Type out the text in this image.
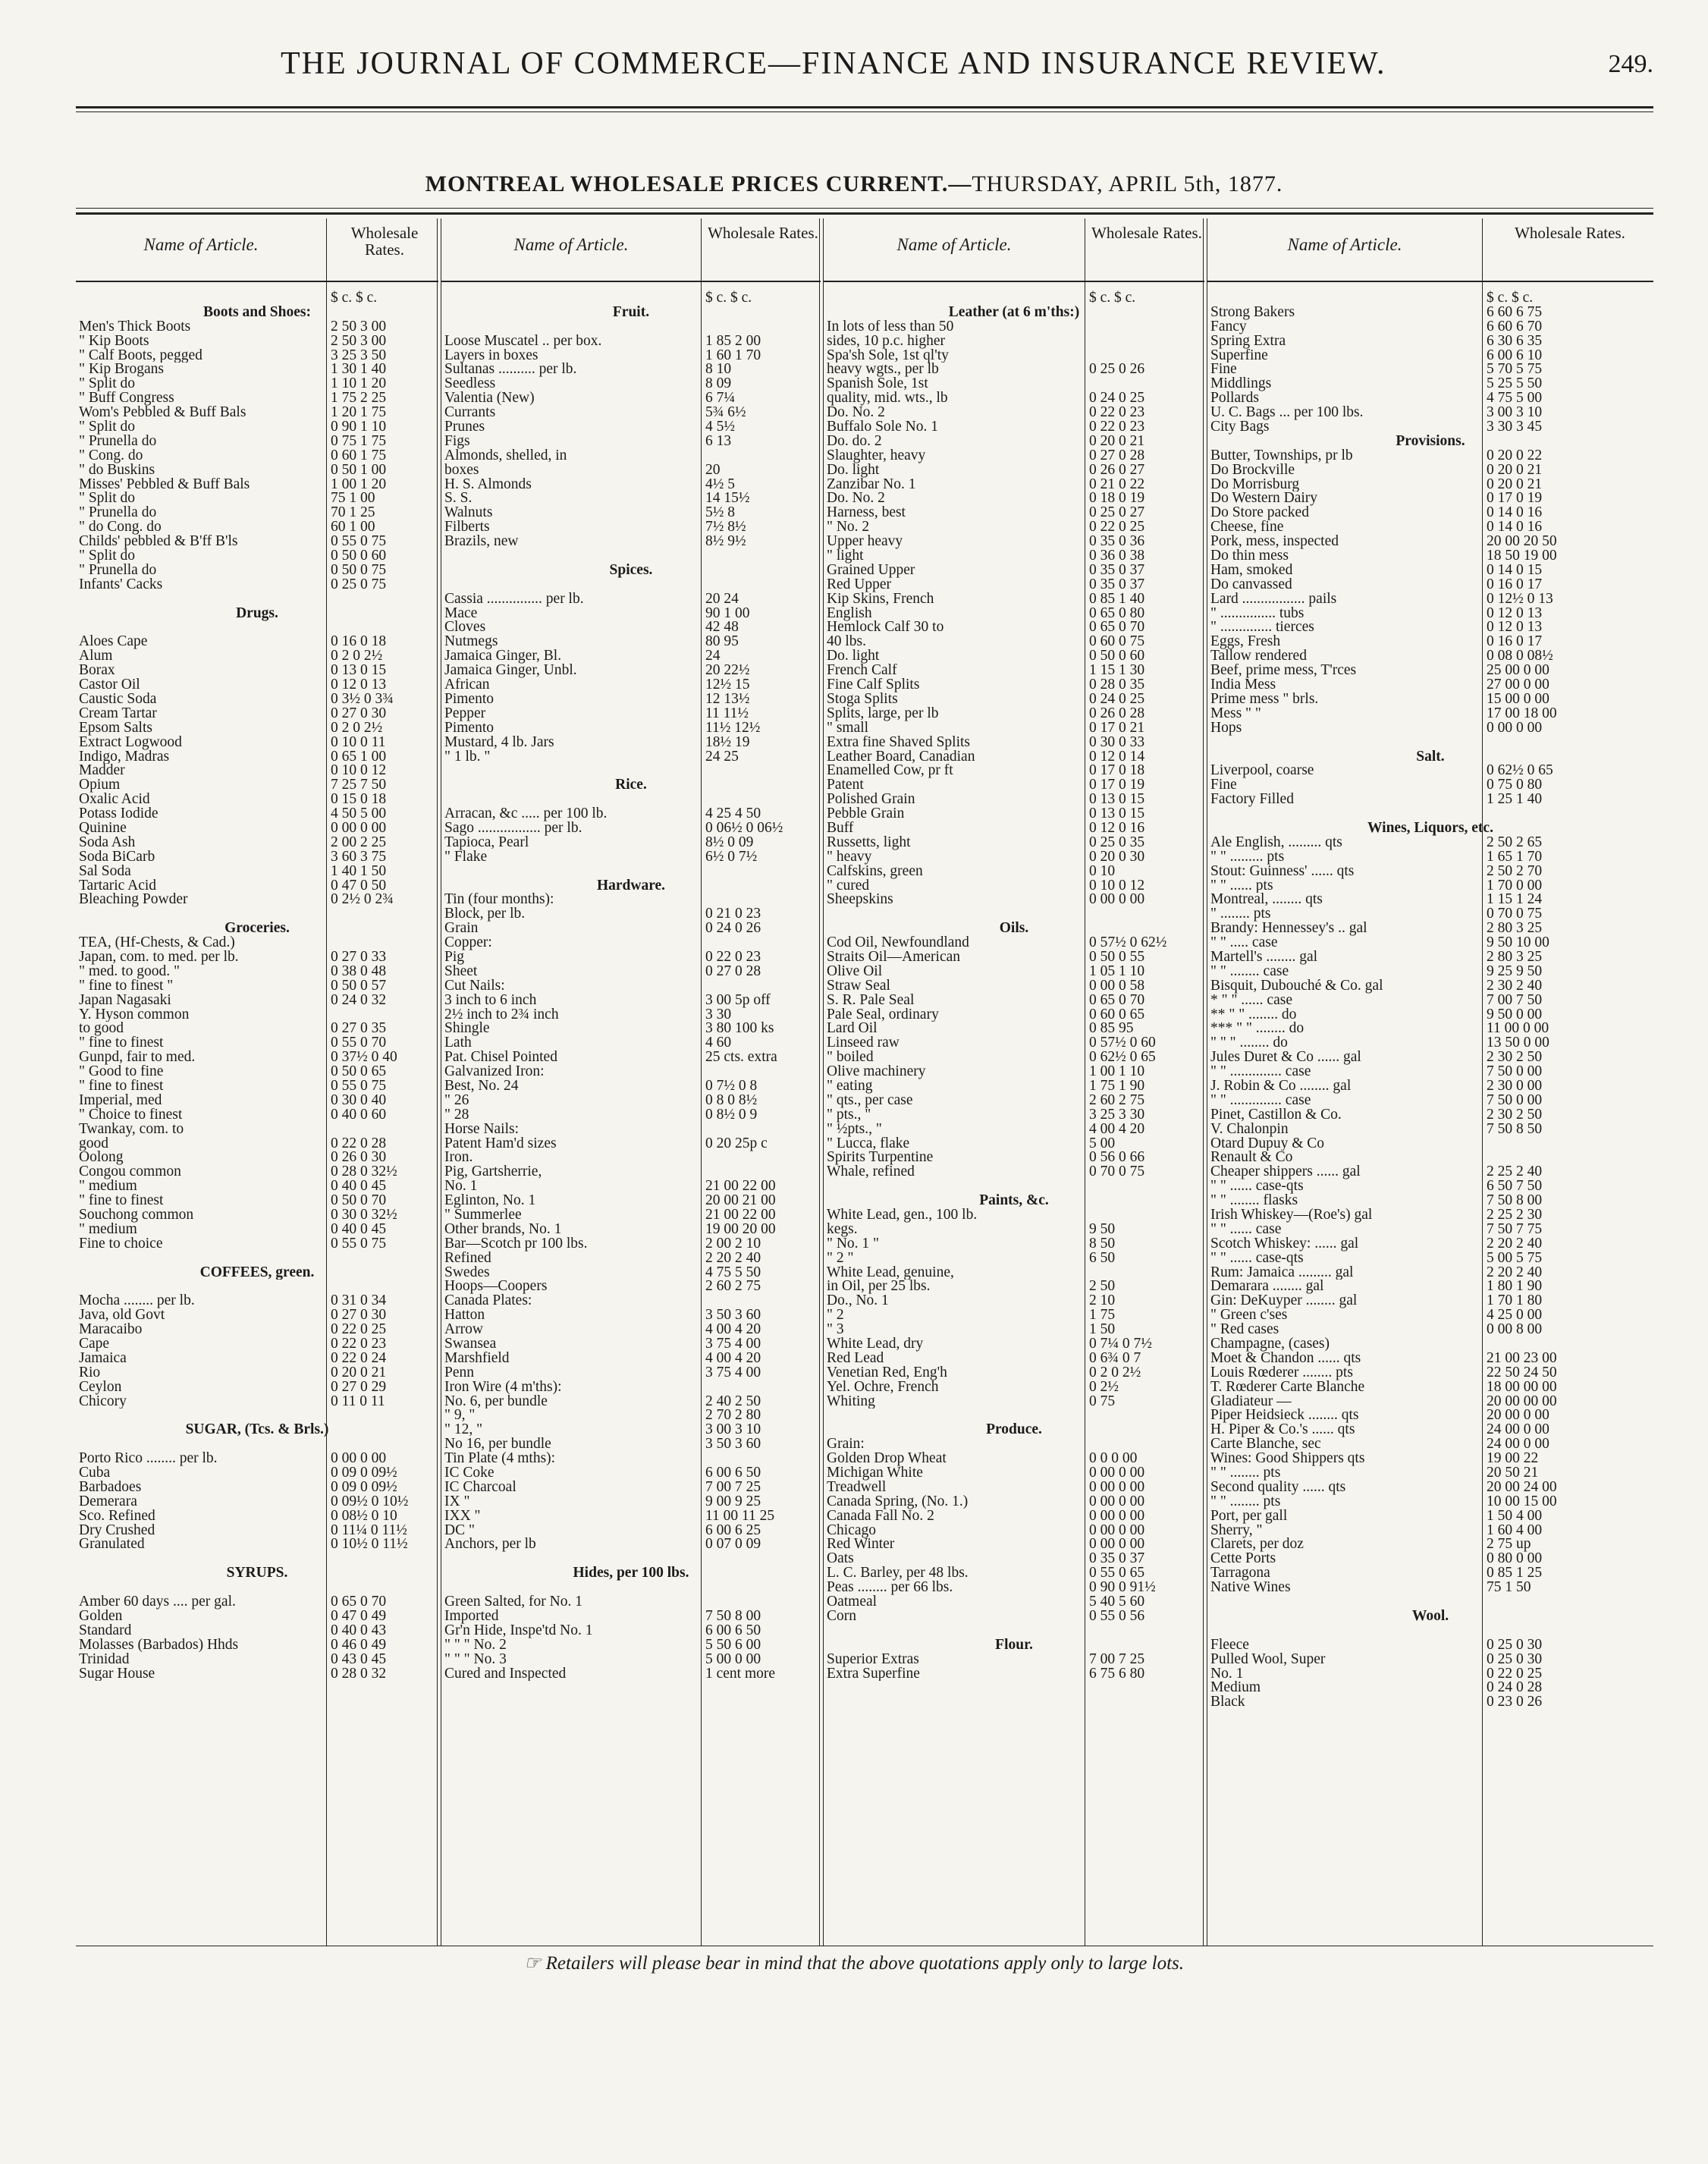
THE JOURNAL OF COMMERCE—FINANCE AND INSURANCE REVIEW.	249.
MONTREAL WHOLESALE PRICES CURRENT.—THURSDAY, APRIL 5th, 1877.
Name of Article.
Wholesale Rates.
$ c. $ c.
Boots and Shoes:
Men's Thick Boots	2 50 3 00
" Kip Boots	2 50 3 00
" Calf Boots, pegged	3 25 3 50
" Kip Brogans	1 30 1 40
" Split do	1 10 1 20
" Buff Congress	1 75 2 25
Wom's Pebbled & Buff Bals	1 20 1 75
" Split do	0 90 1 10
" Prunella do	0 75 1 75
" Cong. do	0 60 1 75
" do Buskins	0 50 1 00
Misses' Pebbled & Buff Bals	1 00 1 20
" Split do	75 1 00
" Prunella do	70 1 25
" do Cong. do	60 1 00
Childs' pebbled & B'ff B'ls	0 55 0 75
" Split do	0 50 0 60
" Prunella do	0 50 0 75
Infants' Cacks	0 25 0 75
Drugs.
Aloes Cape	0 16 0 18
Alum	0 2 0 2½
Borax	0 13 0 15
Castor Oil	0 12 0 13
Caustic Soda	0 3½ 0 3¾
Cream Tartar	0 27 0 30
Epsom Salts	0 2 0 2½
Extract Logwood	0 10 0 11
Indigo, Madras	0 65 1 00
Madder	0 10 0 12
Opium	7 25 7 50
Oxalic Acid	0 15 0 18
Potass Iodide	4 50 5 00
Quinine	0 00 0 00
Soda Ash	2 00 2 25
Soda BiCarb	3 60 3 75
Sal Soda	1 40 1 50
Tartaric Acid	0 47 0 50
Bleaching Powder	0 2½ 0 2¾
Groceries.
TEA, (Hf-Chests, & Cad.)
Japan, com. to med. per lb.	0 27 0 33
" med. to good. "	0 38 0 48
" fine to finest "	0 50 0 57
Japan Nagasaki	0 24 0 32
Y. Hyson common
to good	0 27 0 35
" fine to finest	0 55 0 70
Gunpd, fair to med.	0 37½ 0 40
" Good to fine	0 50 0 65
" fine to finest	0 55 0 75
Imperial, med	0 30 0 40
" Choice to finest	0 40 0 60
Twankay, com. to
good	0 22 0 28
Oolong	0 26 0 30
Congou common	0 28 0 32½
" medium	0 40 0 45
" fine to finest	0 50 0 70
Souchong common	0 30 0 32½
" medium	0 40 0 45
Fine to choice	0 55 0 75
COFFEES, green.
Mocha ........ per lb.	0 31 0 34
Java, old Govt	0 27 0 30
Maracaibo	0 22 0 25
Cape	0 22 0 23
Jamaica	0 22 0 24
Rio	0 20 0 21
Ceylon	0 27 0 29
Chicory	0 11 0 11
SUGAR, (Tcs. & Brls.)
Porto Rico ........ per lb.	0 00 0 00
Cuba	0 09 0 09½
Barbadoes	0 09 0 09½
Demerara	0 09½ 0 10½
Sco. Refined	0 08½ 0 10
Dry Crushed	0 11¼ 0 11½
Granulated	0 10½ 0 11½
SYRUPS.
Amber 60 days .... per gal.	0 65 0 70
Golden	0 47 0 49
Standard	0 40 0 43
Molasses (Barbados) Hhds	0 46 0 49
Trinidad	0 43 0 45
Sugar House	0 28 0 32
Name of Article.
Wholesale Rates.
$ c. $ c.
Fruit.
Loose Muscatel .. per box.	1 85 2 00
Layers in boxes	1 60 1 70
Sultanas .......... per lb.	8 10
Seedless	8 09
Valentia (New)	6 7¼
Currants	5¾ 6½
Prunes	4 5½
Figs	6 13
Almonds, shelled, in
boxes	20
H. S. Almonds	4½ 5
S. S.	14 15½
Walnuts	5½ 8
Filberts	7½ 8½
Brazils, new	8½ 9½
Spices.
Cassia ............... per lb.	20 24
Mace	90 1 00
Cloves	42 48
Nutmegs	80 95
Jamaica Ginger, Bl.	24
Jamaica Ginger, Unbl.	20 22½
African	12½ 15
Pimento	12 13½
Pepper	11 11½
Pimento	11½ 12½
Mustard, 4 lb. Jars	18½ 19
" 1 lb. "	24 25
Rice.
Arracan, &c ..... per 100 lb.	4 25 4 50
Sago ................. per lb.	0 06½ 0 06½
Tapioca, Pearl	8½ 0 09
" Flake	6½ 0 7½
Hardware.
Tin (four months):
Block, per lb.	0 21 0 23
Grain	0 24 0 26
Copper:
Pig	0 22 0 23
Sheet	0 27 0 28
Cut Nails:
3 inch to 6 inch	3 00 5p off
2½ inch to 2¾ inch	3 30
Shingle	3 80 100 ks
Lath	4 60
Pat. Chisel Pointed	25 cts. extra
Galvanized Iron:
Best, No. 24	0 7½ 0 8
" 26	0 8 0 8½
" 28	0 8½ 0 9
Horse Nails:
Patent Ham'd sizes	0 20 25p c
Iron.
Pig, Gartsherrie,
No. 1	21 00 22 00
Eglinton, No. 1	20 00 21 00
" Summerlee	21 00 22 00
Other brands, No. 1	19 00 20 00
Bar—Scotch pr 100 lbs.	2 00 2 10
Refined	2 20 2 40
Swedes	4 75 5 50
Hoops—Coopers	2 60 2 75
Canada Plates:
Hatton	3 50 3 60
Arrow	4 00 4 20
Swansea	3 75 4 00
Marshfield	4 00 4 20
Penn	3 75 4 00
Iron Wire (4 m'ths):
No. 6, per bundle	2 40 2 50
" 9, "	2 70 2 80
" 12, "	3 00 3 10
No 16, per bundle	3 50 3 60
Tin Plate (4 mths):
IC Coke	6 00 6 50
IC Charcoal	7 00 7 25
IX "	9 00 9 25
IXX "	11 00 11 25
DC "	6 00 6 25
Anchors, per lb	0 07 0 09
Hides, per 100 lbs.
Green Salted, for No. 1
Imported	7 50 8 00
Gr'n Hide, Inspe'td No. 1	6 00 6 50
" " " No. 2	5 50 6 00
" " " No. 3	5 00 0 00
Cured and Inspected	1 cent more
Name of Article.
Wholesale Rates.
$ c. $ c.
Leather (at 6 m'ths:)
In lots of less than 50
sides, 10 p.c. higher
Spa'sh Sole, 1st ql'ty
heavy wgts., per lb	0 25 0 26
Spanish Sole, 1st
quality, mid. wts., lb	0 24 0 25
Do. No. 2	0 22 0 23
Buffalo Sole No. 1	0 22 0 23
Do. do. 2	0 20 0 21
Slaughter, heavy	0 27 0 28
Do. light	0 26 0 27
Zanzibar No. 1	0 21 0 22
Do. No. 2	0 18 0 19
Harness, best	0 25 0 27
" No. 2	0 22 0 25
Upper heavy	0 35 0 36
" light	0 36 0 38
Grained Upper	0 35 0 37
Red Upper	0 35 0 37
Kip Skins, French	0 85 1 40
English	0 65 0 80
Hemlock Calf 30 to	0 65 0 70
40 lbs.	0 60 0 75
Do. light	0 50 0 60
French Calf	1 15 1 30
Fine Calf Splits	0 28 0 35
Stoga Splits	0 24 0 25
Splits, large, per lb	0 26 0 28
" small	0 17 0 21
Extra fine Shaved Splits	0 30 0 33
Leather Board, Canadian	0 12 0 14
Enamelled Cow, pr ft	0 17 0 18
Patent	0 17 0 19
Polished Grain	0 13 0 15
Pebble Grain	0 13 0 15
Buff	0 12 0 16
Russetts, light	0 25 0 35
" heavy	0 20 0 30
Calfskins, green	0 10
" cured	0 10 0 12
Sheepskins	0 00 0 00
Oils.
Cod Oil, Newfoundland	0 57½ 0 62½
Straits Oil—American	0 50 0 55
Olive Oil	1 05 1 10
Straw Seal	0 00 0 58
S. R. Pale Seal	0 65 0 70
Pale Seal, ordinary	0 60 0 65
Lard Oil	0 85 95
Linseed raw	0 57½ 0 60
" boiled	0 62½ 0 65
Olive machinery	1 00 1 10
" eating	1 75 1 90
" qts., per case	2 60 2 75
" pts., "	3 25 3 30
" ½pts., "	4 00 4 20
" Lucca, flake	5 00
Spirits Turpentine	0 56 0 66
Whale, refined	0 70 0 75
Paints, &c.
White Lead, gen., 100 lb.
kegs.	9 50
" No. 1 "	8 50
" 2 "	6 50
White Lead, genuine,
in Oil, per 25 lbs.	2 50
Do., No. 1	2 10
" 2	1 75
" 3	1 50
White Lead, dry	0 7¼ 0 7½
Red Lead	0 6¾ 0 7
Venetian Red, Eng'h	0 2 0 2½
Yel. Ochre, French	0 2½
Whiting	0 75
Produce.
Grain:
Golden Drop Wheat	0 0 0 00
Michigan White	0 00 0 00
Treadwell	0 00 0 00
Canada Spring, (No. 1.)	0 00 0 00
Canada Fall No. 2	0 00 0 00
Chicago	0 00 0 00
Red Winter	0 00 0 00
Oats	0 35 0 37
L. C. Barley, per 48 lbs.	0 55 0 65
Peas ........ per 66 lbs.	0 90 0 91½
Oatmeal	5 40 5 60
Corn	0 55 0 56
Flour.
Superior Extras	7 00 7 25
Extra Superfine	6 75 6 80
Name of Article.
Wholesale Rates.
$ c. $ c.
Strong Bakers	6 60 6 75
Fancy	6 60 6 70
Spring Extra	6 30 6 35
Superfine	6 00 6 10
Fine	5 70 5 75
Middlings	5 25 5 50
Pollards	4 75 5 00
U. C. Bags ... per 100 lbs.	3 00 3 10
City Bags	3 30 3 45
Provisions.
Butter, Townships, pr lb	0 20 0 22
Do Brockville	0 20 0 21
Do Morrisburg	0 20 0 21
Do Western Dairy	0 17 0 19
Do Store packed	0 14 0 16
Cheese, fine	0 14 0 16
Pork, mess, inspected	20 00 20 50
Do thin mess	18 50 19 00
Ham, smoked	0 14 0 15
Do canvassed	0 16 0 17
Lard ................. pails	0 12½ 0 13
" ............... tubs	0 12 0 13
" .............. tierces	0 12 0 13
Eggs, Fresh	0 16 0 17
Tallow rendered	0 08 0 08½
Beef, prime mess, T'rces	25 00 0 00
India Mess	27 00 0 00
Prime mess " brls.	15 00 0 00
Mess " "	17 00 18 00
Hops	0 00 0 00
Salt.
Liverpool, coarse	0 62½ 0 65
Fine	0 75 0 80
Factory Filled	1 25 1 40
Wines, Liquors, etc.
Ale English, ......... qts	2 50 2 65
" " ......... pts	1 65 1 70
Stout: Guinness' ...... qts	2 50 2 70
" " ...... pts	1 70 0 00
Montreal, ........ qts	1 15 1 24
" ........ pts	0 70 0 75
Brandy: Hennessey's .. gal	2 80 3 25
" " ..... case	9 50 10 00
Martell's ........ gal	2 80 3 25
" " ........ case	9 25 9 50
Bisquit, Dubouché & Co. gal	2 30 2 40
* " " ...... case	7 00 7 50
** " " ........ do	9 50 0 00
*** " " ........ do	11 00 0 00
" " " ........ do	13 50 0 00
Jules Duret & Co ...... gal	2 30 2 50
" " .............. case	7 50 0 00
J. Robin & Co ........ gal	2 30 0 00
" " .............. case	7 50 0 00
Pinet, Castillon & Co.	2 30 2 50
V. Chalonpin	7 50 8 50
Otard Dupuy & Co
Renault & Co
Cheaper shippers ...... gal	2 25 2 40
" " ...... case-qts	6 50 7 50
" " ........ flasks	7 50 8 00
Irish Whiskey—(Roe's) gal	2 25 2 30
" " ...... case	7 50 7 75
Scotch Whiskey: ...... gal	2 20 2 40
" " ...... case-qts	5 00 5 75
Rum: Jamaica ......... gal	2 20 2 40
Demarara ........ gal	1 80 1 90
Gin: DeKuyper ........ gal	1 70 1 80
" Green c'ses	4 25 0 00
" Red cases	0 00 8 00
Champagne, (cases)
Moet & Chandon ...... qts	21 00 23 00
Louis Rœderer ........ pts	22 50 24 50
T. Rœderer Carte Blanche	18 00 00 00
Gladiateur —	20 00 00 00
Piper Heidsieck ........ qts	20 00 0 00
H. Piper & Co.'s ...... qts	24 00 0 00
Carte Blanche, sec	24 00 0 00
Wines: Good Shippers qts	19 00 22
" " ........ pts	20 50 21
Second quality ...... qts	20 00 24 00
" " ........ pts	10 00 15 00
Port, per gall	1 50 4 00
Sherry, "	1 60 4 00
Clarets, per doz	2 75 up
Cette Ports	0 80 0 00
Tarragona	0 85 1 25
Native Wines	75 1 50
Wool.
Fleece	0 25 0 30
Pulled Wool, Super	0 25 0 30
No. 1	0 22 0 25
Medium	0 24 0 28
Black	0 23 0 26
☞ Retailers will please bear in mind that the above quotations apply only to large lots.
